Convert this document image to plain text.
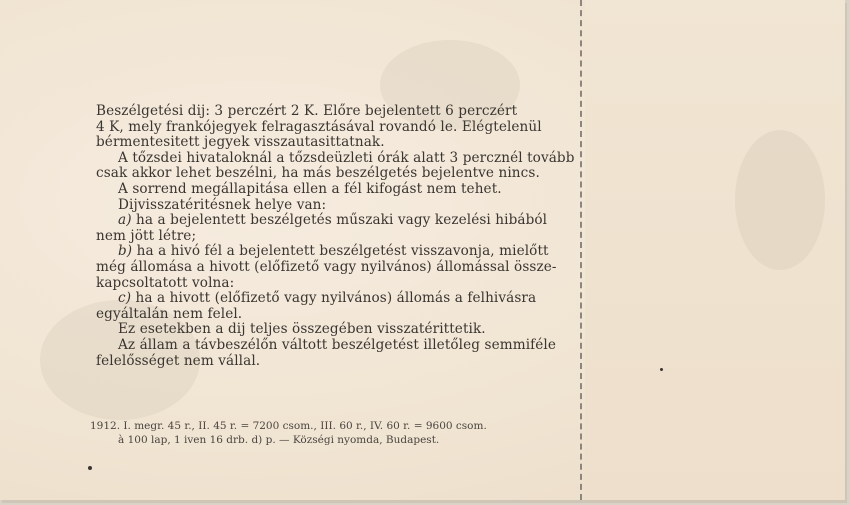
Beszélgetési dij: 3 perczért 2 K. Előre bejelentett 6 perczért
4 K, mely frankójegyek felragasztásával rovandó le. Elégtelenül
bérmentesitett jegyek visszautasittatnak.
A tőzsdei hivataloknál a tőzsdeüzleti órák alatt 3 percznél tovább
csak akkor lehet beszélni, ha más beszélgetés bejelentve nincs.
A sorrend megállapitása ellen a fél kifogást nem tehet.
Dijvisszatéritésnek helye van:
a) ha a bejelentett beszélgetés műszaki vagy kezelési hibából
nem jött létre;
b) ha a hivó fél a bejelentett beszélgetést visszavonja, mielőtt
még állomása a hivott (előfizető vagy nyilvános) állomással össze-
kapcsoltatott volna:
c) ha a hivott (előfizető vagy nyilvános) állomás a felhivásra
egyáltalán nem felel.
Ez esetekben a dij teljes összegében visszatérittetik.
Az állam a távbeszélőn váltott beszélgetést illetőleg semmiféle
felelősséget nem vállal.
1912. I. megr. 45 r., II. 45 r. = 7200 csom., III. 60 r., IV. 60 r. = 9600 csom.
à 100 lap, 1 iven 16 drb. d) p. — Községi nyomda, Budapest.
